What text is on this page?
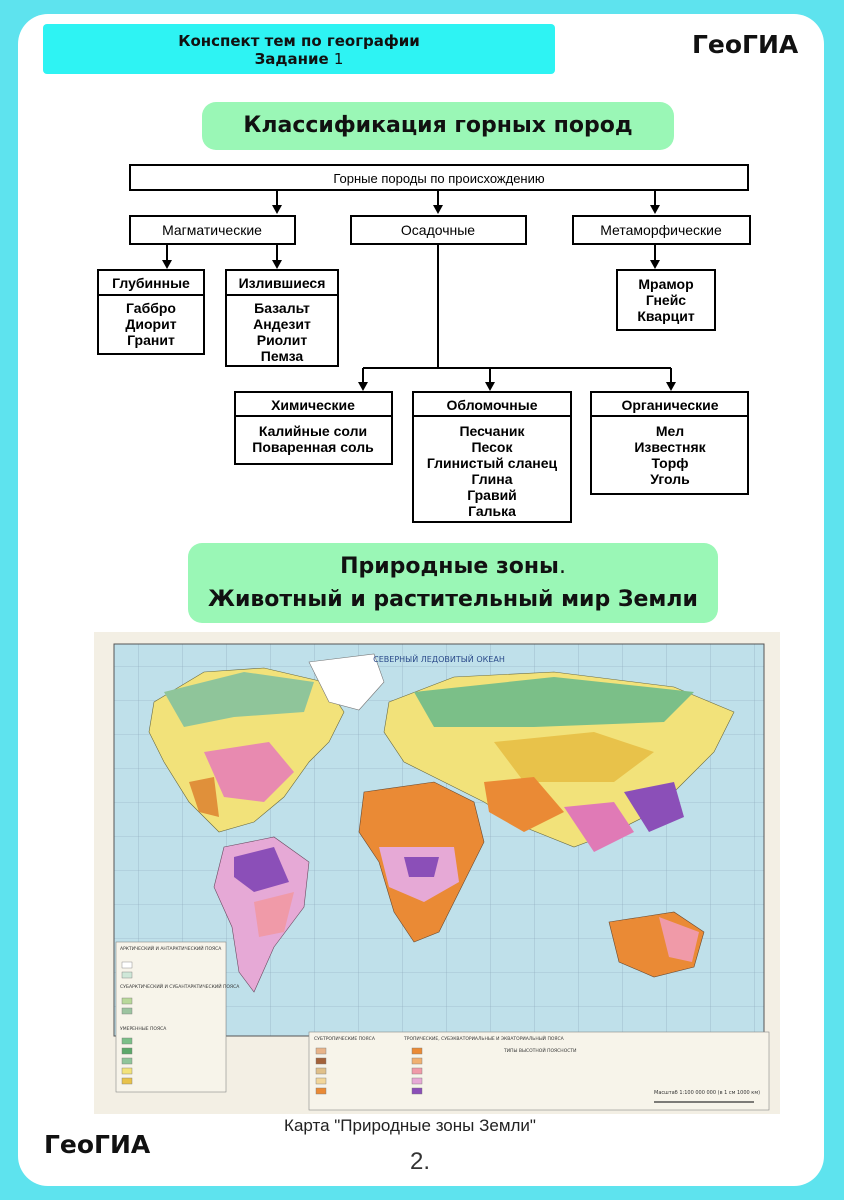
Конспект тем по географии
Задание 1	ГеоГИА
Классификация горных пород
Горные породы по происхождению
Магматические	Осадочные	Метаморфические
Глубинные
Габбро
Диорит
Гранит
Излившиеся
Базальт
Андезит
Риолит
Пемза
Мрамор
Гнейс
Кварцит
Химические
Калийные соли
Поваренная соль
Обломочные
Песчаник
Песок
Глинистый сланец
Глина
Гравий
Галька
Органические
Мел
Известняк
Торф
Уголь
Природные зоны.
Животный и растительный мир Земли
СЕВЕРНЫЙ ЛЕДОВИТЫЙ ОКЕАН
АРКТИЧЕСКИЙ И АНТАРКТИЧЕСКИЙ ПОЯСА
СУБАРКТИЧЕСКИЙ И СУБАНТАРКТИЧЕСКИЙ ПОЯСА
УМЕРЕННЫЕ ПОЯСА
СУБТРОПИЧЕСКИЕ ПОЯСА	ТРОПИЧЕСКИЕ, СУБЭКВАТОРИАЛЬНЫЕ И ЭКВАТОРИАЛЬНЫЙ ПОЯСА
ТИПЫ ВЫСОТНОЙ ПОЯСНОСТИ
Масштаб 1:100 000 000 (в 1 см 1000 км)
Карта "Природные зоны Земли"
ГеоГИА
2.
